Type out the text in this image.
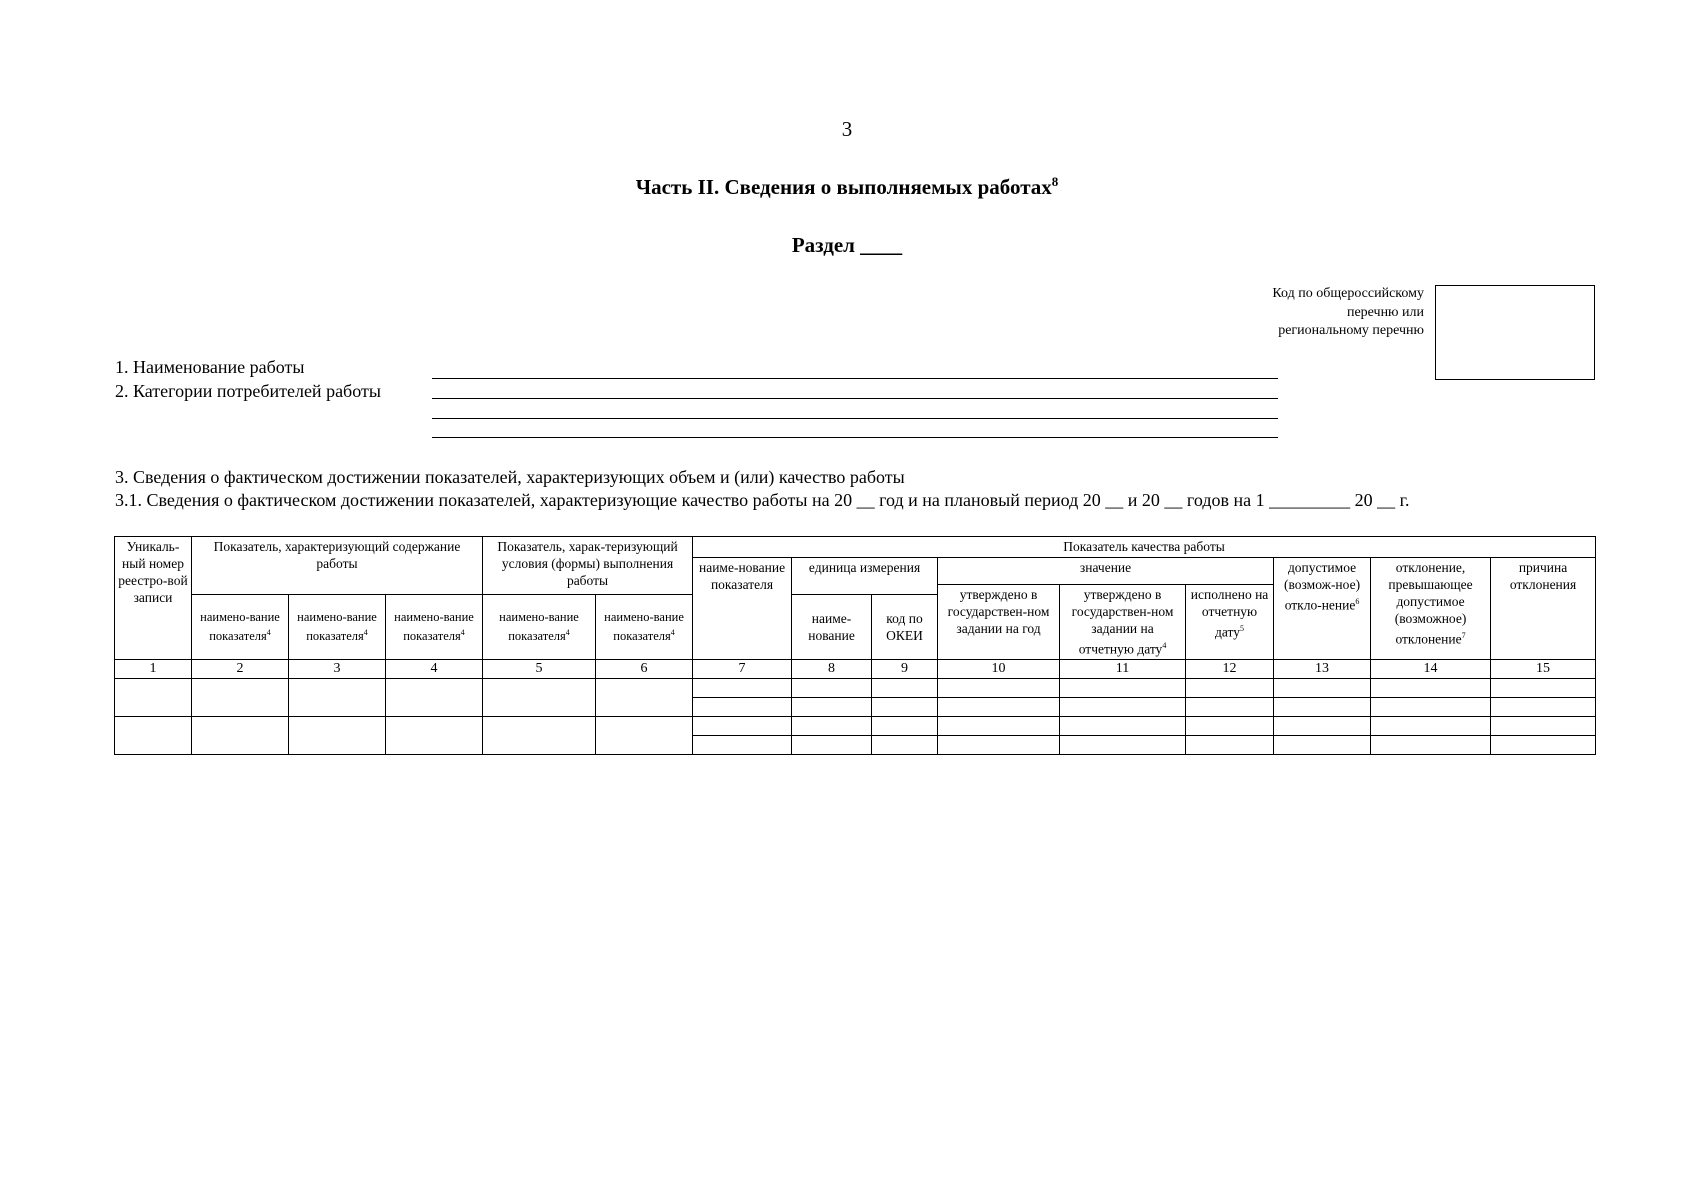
3
Часть II. Сведения о выполняемых работах$^8$
Раздел ____
Код по общероссийскому перечню или региональному перечню
1. Наименование работы
2. Категории потребителей работы
3. Сведения о фактическом достижении показателей, характеризующих объем и (или) качество работы
3.1. Сведения о фактическом достижении показателей, характеризующие качество работы на 20 __ год и на плановый период 20 __ и 20 __ годов на 1 _________ 20 __ г.
Уникаль-ный номер реестро-вой записи	Показатель, характеризующий содержание работы			Показатель, харак-теризующий условия (формы) выполнения работы		Показатель качества работы								
						наиме-нование показателя	единица измерения		значение			допустимое (возмож-ное) откло-нение$^6$	отклонение, превышающее допустимое (возможное) отклонение$^7$	причина отклонения
									утверждено в государствен-ном задании на год	утверждено в государствен-ном задании на отчетную дату$^4$	исполнено на отчетную дату$^5$
	наимено-вание показателя$^4$	наимено-вание показателя$^4$	наимено-вание показателя$^4$	наимено-вание показателя$^4$	наимено-вание показателя$^4$		наиме-нование	код по ОКЕИ						
1	2	3	4	5	6	7	8	9	10	11	12	13	14	15
